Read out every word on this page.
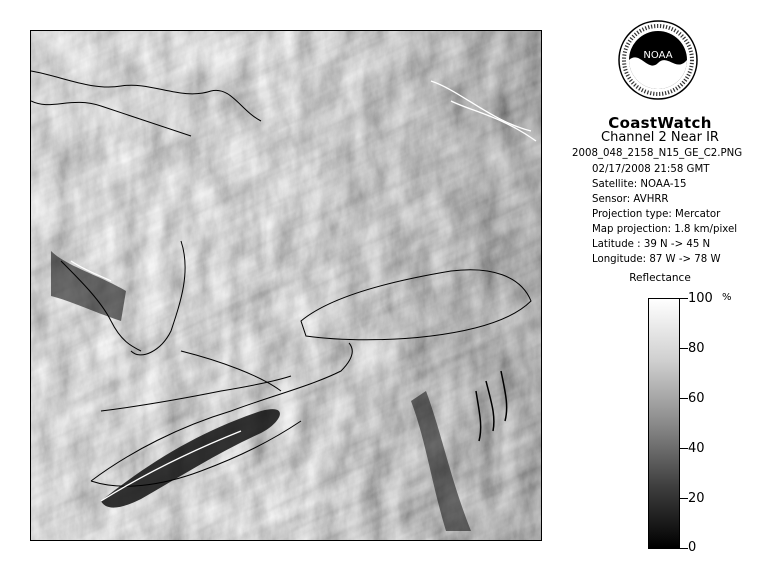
NOAA
CoastWatch
Channel 2 Near IR
2008_048_2158_N15_GE_C2.PNG
02/17/2008 21:58 GMT
Satellite: NOAA-15
Sensor: AVHRR
Projection type: Mercator
Map projection: 1.8 km/pixel
Latitude : 39 N -> 45 N
Longitude: 87 W -> 78 W
Reflectance
%
100
80
60
40
20
0
